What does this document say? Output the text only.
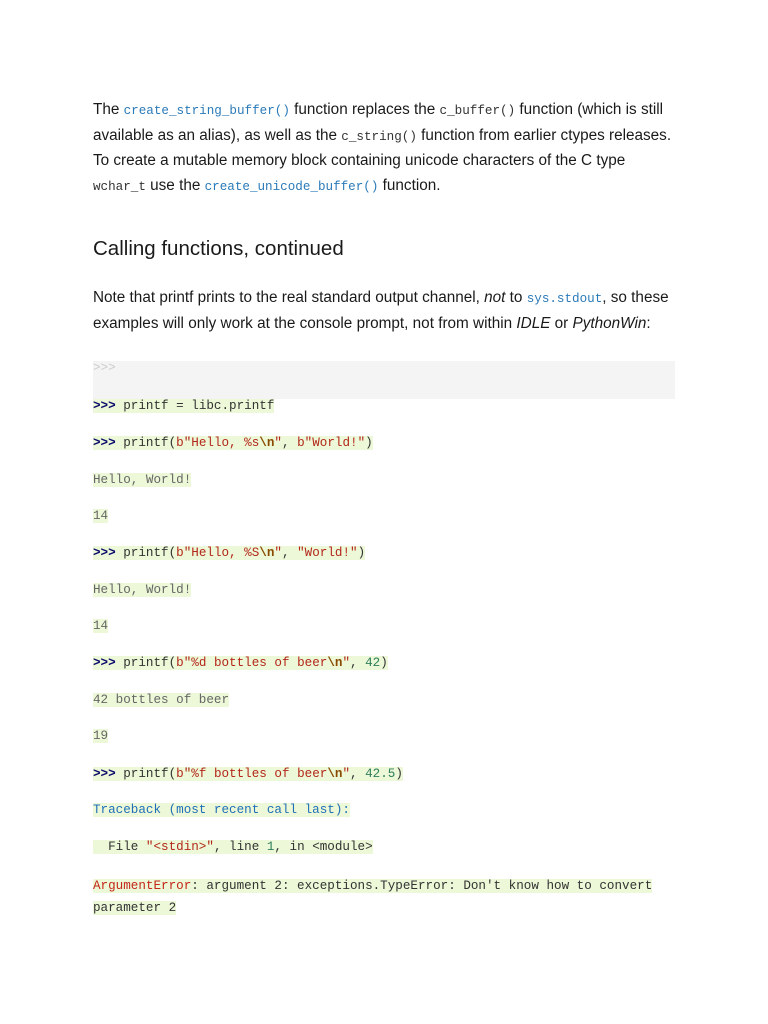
The create_string_buffer() function replaces the c_buffer() function (which is still available as an alias), as well as the c_string() function from earlier ctypes releases. To create a mutable memory block containing unicode characters of the C type wchar_t use the create_unicode_buffer() function.

Calling functions, continued

Note that printf prints to the real standard output channel, not to sys.stdout, so these examples will only work at the console prompt, not from within IDLE or PythonWin:

>>>
>>> printf = libc.printf
>>> printf(b"Hello, %s\n", b"World!")
Hello, World!
14
>>> printf(b"Hello, %S\n", "World!")
Hello, World!
14
>>> printf(b"%d bottles of beer\n", 42)
42 bottles of beer
19
>>> printf(b"%f bottles of beer\n", 42.5)
Traceback (most recent call last):
File "<stdin>", line 1, in <module>
ArgumentError: argument 2: exceptions.TypeError: Don't know how to convert parameter 2
